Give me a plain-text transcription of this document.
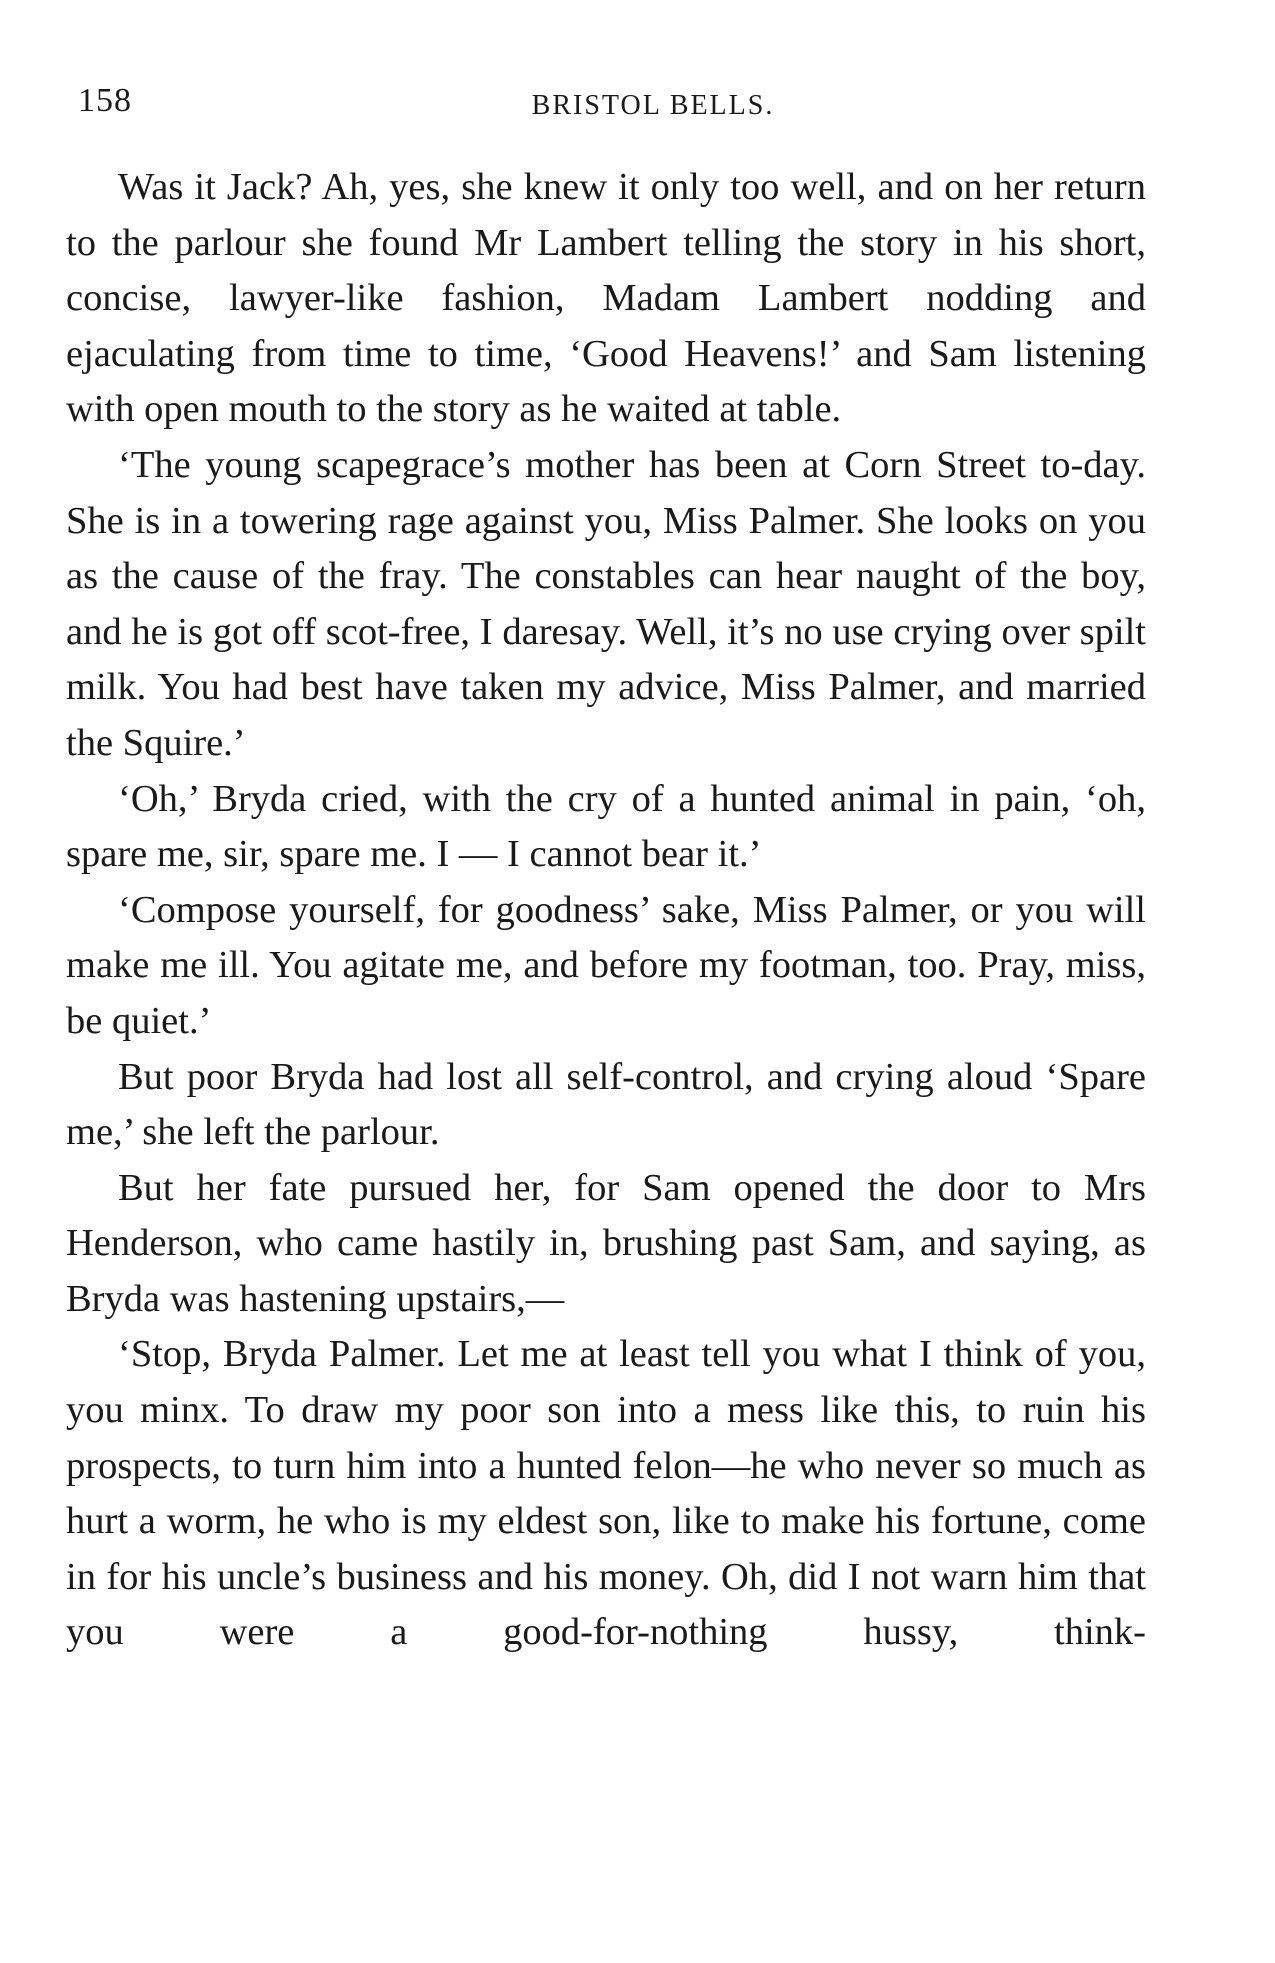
158	BRISTOL BELLS.

Was it Jack? Ah, yes, she knew it only too well, and on her return to the parlour she found Mr Lambert telling the story in his short, concise, lawyer-like fashion, Madam Lambert nodding and ejaculating from time to time, ‘Good Heavens!’ and Sam listening with open mouth to the story as he waited at table.

‘The young scapegrace’s mother has been at Corn Street to-day. She is in a towering rage against you, Miss Palmer. She looks on you as the cause of the fray. The constables can hear naught of the boy, and he is got off scot-free, I daresay. Well, it’s no use crying over spilt milk. You had best have taken my advice, Miss Palmer, and married the Squire.’

‘Oh,’ Bryda cried, with the cry of a hunted animal in pain, ‘oh, spare me, sir, spare me. I — I cannot bear it.’

‘Compose yourself, for goodness’ sake, Miss Palmer, or you will make me ill. You agitate me, and before my footman, too. Pray, miss, be quiet.’

But poor Bryda had lost all self-control, and crying aloud ‘Spare me,’ she left the parlour.

But her fate pursued her, for Sam opened the door to Mrs Henderson, who came hastily in, brushing past Sam, and saying, as Bryda was hastening upstairs,—

‘Stop, Bryda Palmer. Let me at least tell you what I think of you, you minx. To draw my poor son into a mess like this, to ruin his prospects, to turn him into a hunted felon—he who never so much as hurt a worm, he who is my eldest son, like to make his fortune, come in for his uncle’s business and his money. Oh, did I not warn him that you were a good-for-nothing hussy, think-
